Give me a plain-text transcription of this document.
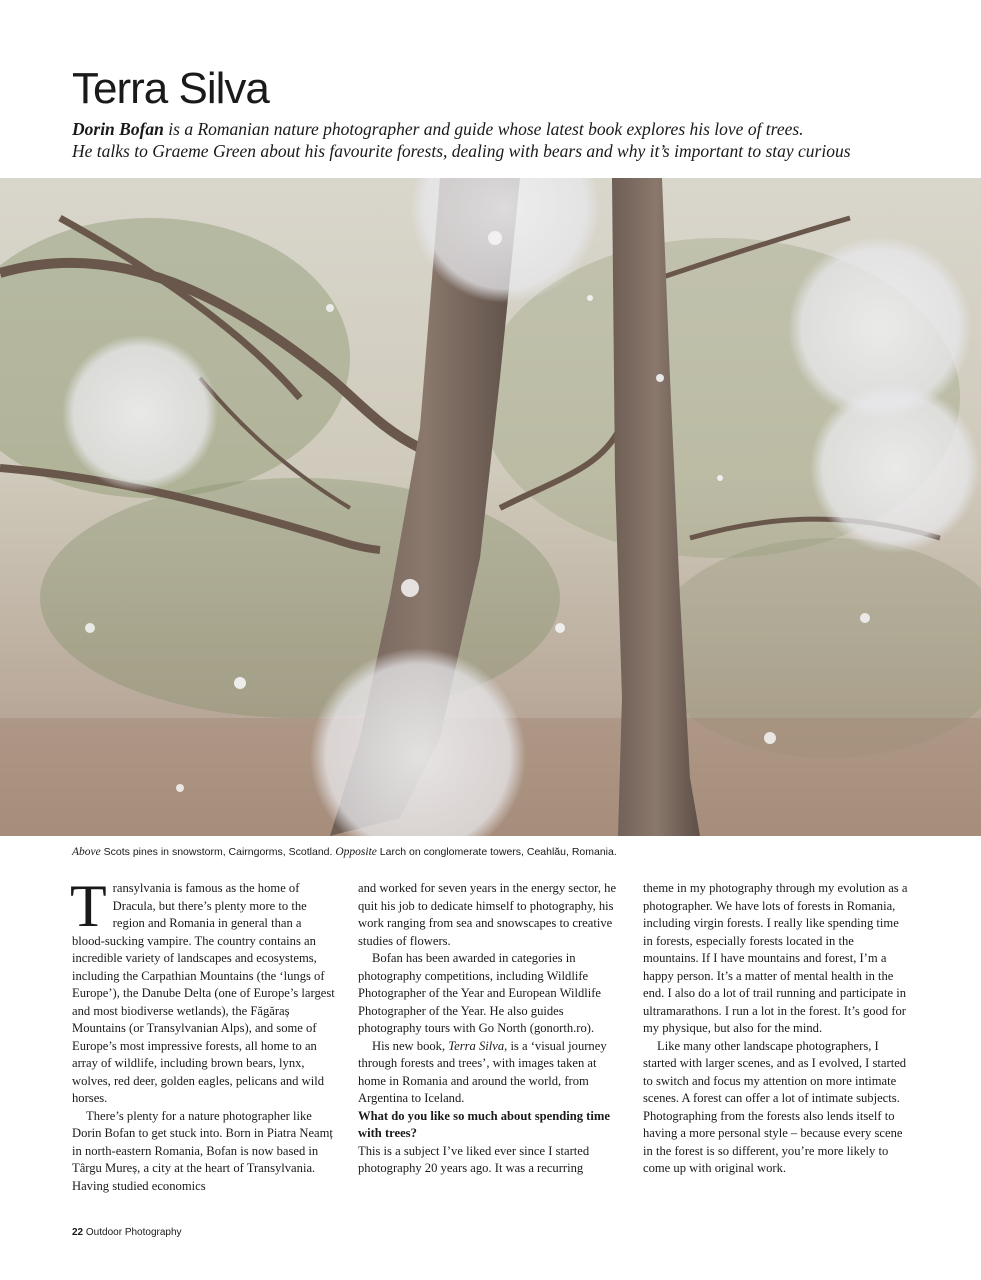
Terra Silva

Dorin Bofan is a Romanian nature photographer and guide whose latest book explores his love of trees.
He talks to Graeme Green about his favourite forests, dealing with bears and why it’s important to stay curious

Above Scots pines in snowstorm, Cairngorms, Scotland. Opposite Larch on conglomerate towers, Ceahlău, Romania.

T ransylvania is famous as the home of Dracula, but there’s plenty more to the region and Romania in general than a blood-sucking vampire. The country contains an incredible variety of landscapes and ecosystems, including the Carpathian Mountains (the ‘lungs of Europe’), the Danube Delta (one of Europe’s largest and most biodiverse wetlands), the Făgăraș Mountains (or Transylvanian Alps), and some of Europe’s most impressive forests, all home to an array of wildlife, including brown bears, lynx, wolves, red deer, golden eagles, pelicans and wild horses.

There’s plenty for a nature photographer like Dorin Bofan to get stuck into. Born in Piatra Neamț in north-eastern Romania, Bofan is now based in Târgu Mureș, a city at the heart of Transylvania. Having studied economics

and worked for seven years in the energy sector, he quit his job to dedicate himself to photography, his work ranging from sea and snowscapes to creative studies of flowers.

Bofan has been awarded in categories in photography competitions, including Wildlife Photographer of the Year and European Wildlife Photographer of the Year. He also guides photography tours with Go North (gonorth.ro).

His new book, Terra Silva, is a ‘visual journey through forests and trees’, with images taken at home in Romania and around the world, from Argentina to Iceland.

What do you like so much about spending time with trees?

This is a subject I’ve liked ever since I started photography 20 years ago. It was a recurring

theme in my photography through my evolution as a photographer. We have lots of forests in Romania, including virgin forests. I really like spending time in forests, especially forests located in the mountains. If I have mountains and forest, I’m a happy person. It’s a matter of mental health in the end. I also do a lot of trail running and participate in ultramarathons. I run a lot in the forest. It’s good for my physique, but also for the mind.

Like many other landscape photographers, I started with larger scenes, and as I evolved, I started to switch and focus my attention on more intimate scenes. A forest can offer a lot of intimate subjects. Photographing from the forests also lends itself to having a more personal style – because every scene in the forest is so different, you’re more likely to come up with original work.

22 Outdoor Photography
